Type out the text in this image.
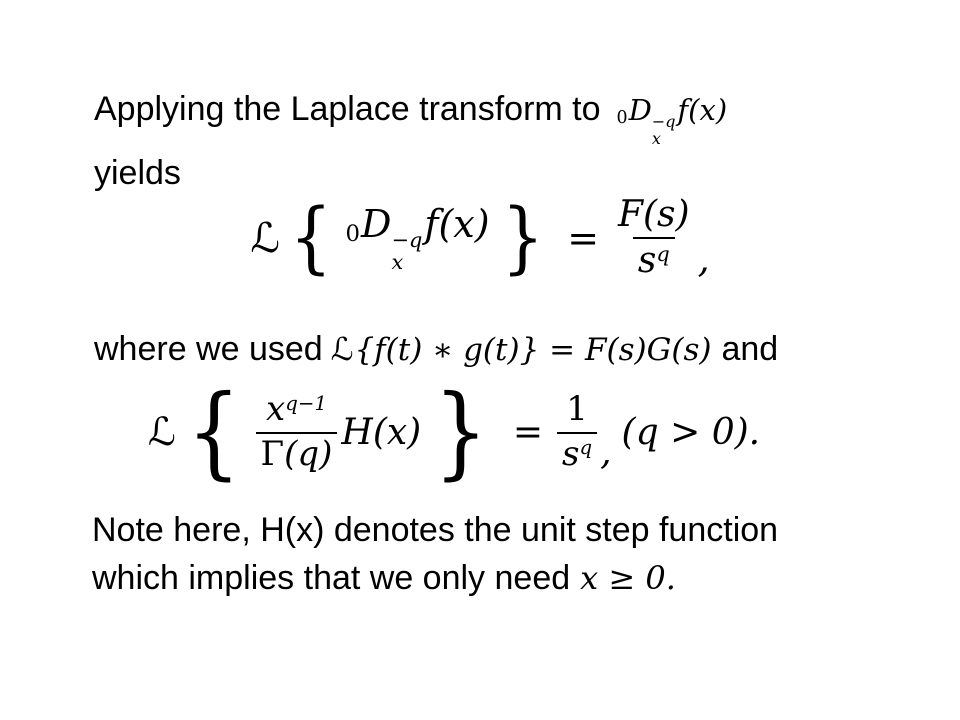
Applying the Laplace transform to 0D −q
x
f(x)
yields
ℒ { 0D −q
x
f(x) } = $\frac{F(s)}{s^q}$ ,
where we used ℒ{f(t) ∗ g(t)} = F(s)G(s) and
ℒ { $\frac{x^{q-1}}{\Gamma(q)} H(x)$ } = $\frac{1}{s^q}$ , (q > 0).
Note here, H(x) denotes the unit step function
which implies that we only need x ≥ 0.
